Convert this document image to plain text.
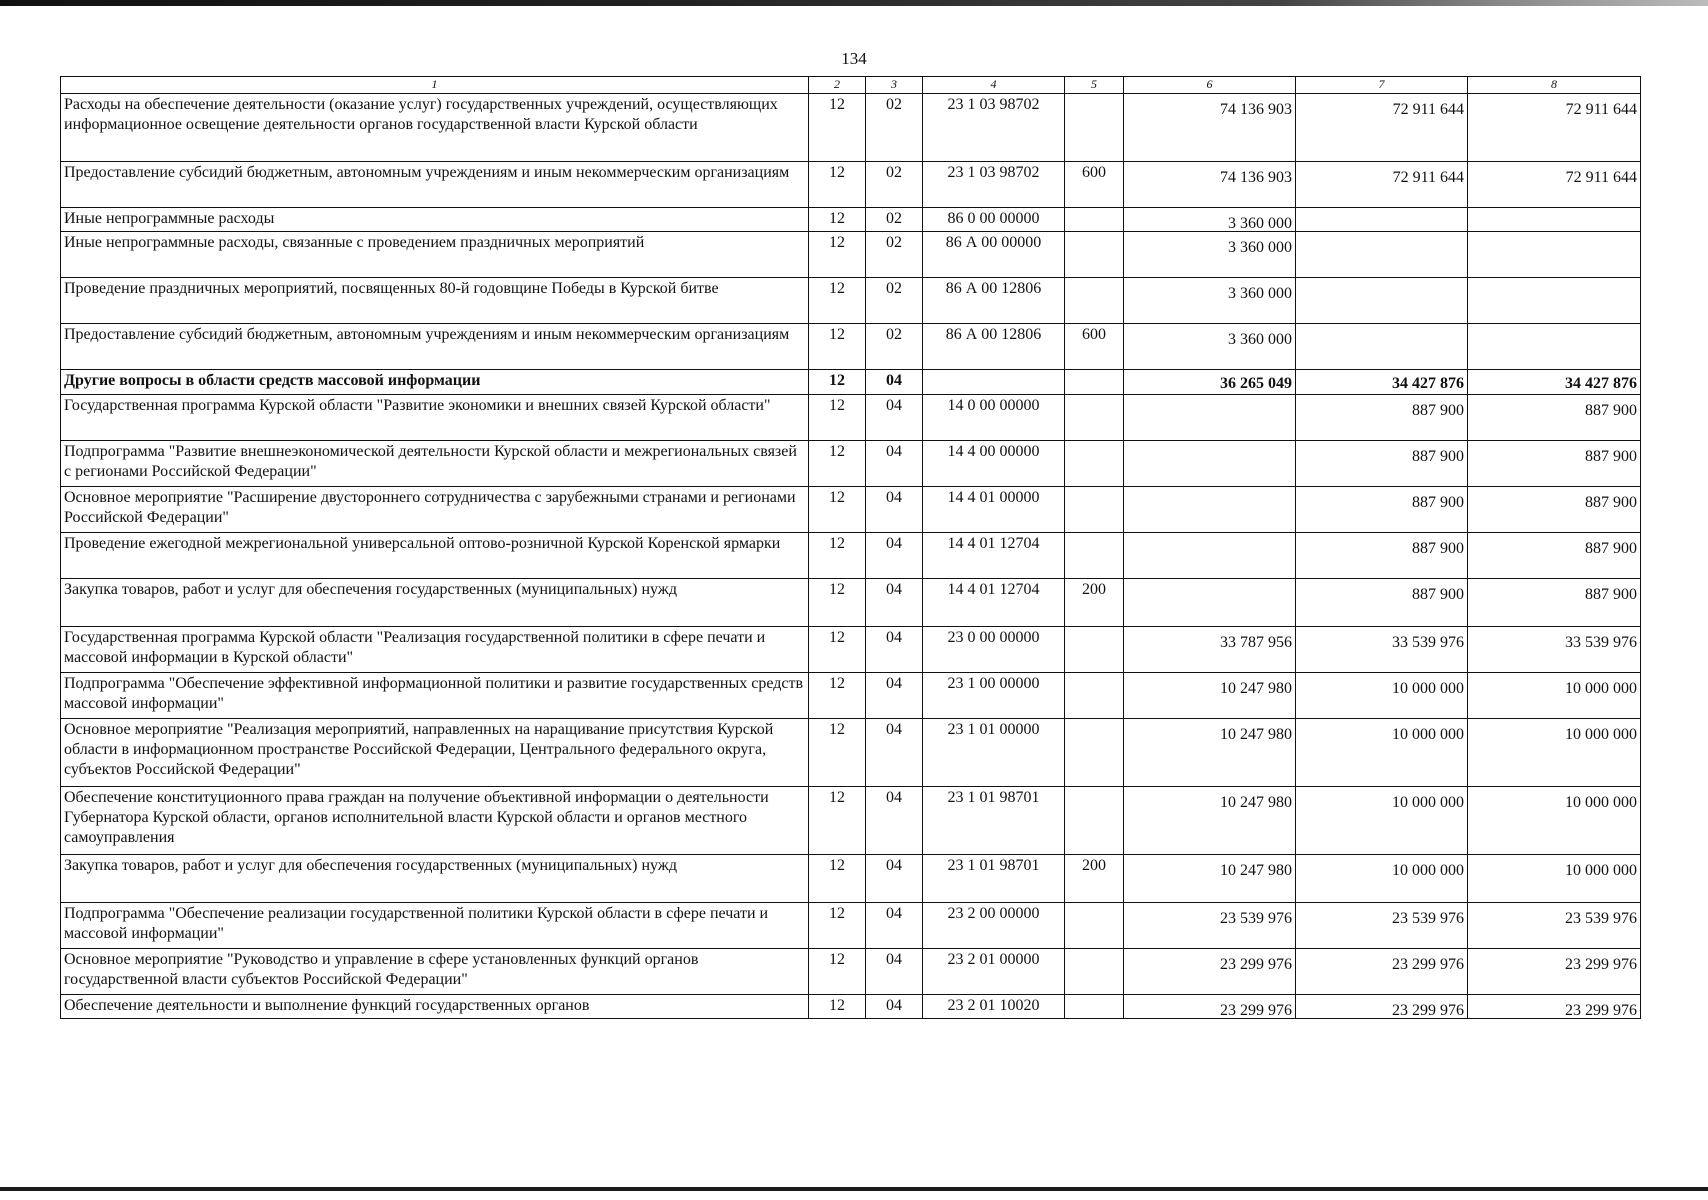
134
1	2	3	4	5	6	7	8
Расходы на обеспечение деятельности (оказание услуг) государственных учреждений, осуществляющих информационное освещение деятельности органов государственной власти Курской области	12	02	23 1 03 98702		74 136 903	72 911 644	72 911 644
Предоставление субсидий бюджетным, автономным учреждениям и иным некоммерческим организациям	12	02	23 1 03 98702	600	74 136 903	72 911 644	72 911 644
Иные непрограммные расходы	12	02	86 0 00 00000		3 360 000		
Иные непрограммные расходы, связанные с проведением праздничных мероприятий	12	02	86 А 00 00000		3 360 000		
Проведение праздничных мероприятий, посвященных 80-й годовщине Победы в Курской битве	12	02	86 А 00 12806		3 360 000		
Предоставление субсидий бюджетным, автономным учреждениям и иным некоммерческим организациям	12	02	86 А 00 12806	600	3 360 000		
Другие вопросы в области средств массовой информации	12	04			36 265 049	34 427 876	34 427 876
Государственная программа Курской области "Развитие экономики и внешних связей Курской области"	12	04	14 0 00 00000			887 900	887 900
Подпрограмма "Развитие внешнеэкономической деятельности Курской области и межрегиональных связей с регионами Российской Федерации"	12	04	14 4 00 00000			887 900	887 900
Основное мероприятие "Расширение двустороннего сотрудничества с зарубежными странами и регионами Российской Федерации"	12	04	14 4 01 00000			887 900	887 900
Проведение ежегодной межрегиональной универсальной оптово-розничной Курской Коренской ярмарки	12	04	14 4 01 12704			887 900	887 900
Закупка товаров, работ и услуг для обеспечения государственных (муниципальных) нужд	12	04	14 4 01 12704	200		887 900	887 900
Государственная программа Курской области "Реализация государственной политики в сфере печати и массовой информации в Курской области"	12	04	23 0 00 00000		33 787 956	33 539 976	33 539 976
Подпрограмма "Обеспечение эффективной информационной политики и развитие государственных средств массовой информации"	12	04	23 1 00 00000		10 247 980	10 000 000	10 000 000
Основное мероприятие "Реализация мероприятий, направленных на наращивание присутствия Курской области в информационном пространстве Российской Федерации, Центрального федерального округа, субъектов Российской Федерации"	12	04	23 1 01 00000		10 247 980	10 000 000	10 000 000
Обеспечение конституционного права граждан на получение объективной информации о деятельности Губернатора Курской области, органов исполнительной власти Курской области и органов местного самоуправления	12	04	23 1 01 98701		10 247 980	10 000 000	10 000 000
Закупка товаров, работ и услуг для обеспечения государственных (муниципальных) нужд	12	04	23 1 01 98701	200	10 247 980	10 000 000	10 000 000
Подпрограмма "Обеспечение реализации государственной политики Курской области в сфере печати и массовой информации"	12	04	23 2 00 00000		23 539 976	23 539 976	23 539 976
Основное мероприятие "Руководство и управление в сфере установленных функций органов государственной власти субъектов Российской Федерации"	12	04	23 2 01 00000		23 299 976	23 299 976	23 299 976
Обеспечение деятельности и выполнение функций государственных органов	12	04	23 2 01 10020		23 299 976	23 299 976	23 299 976
